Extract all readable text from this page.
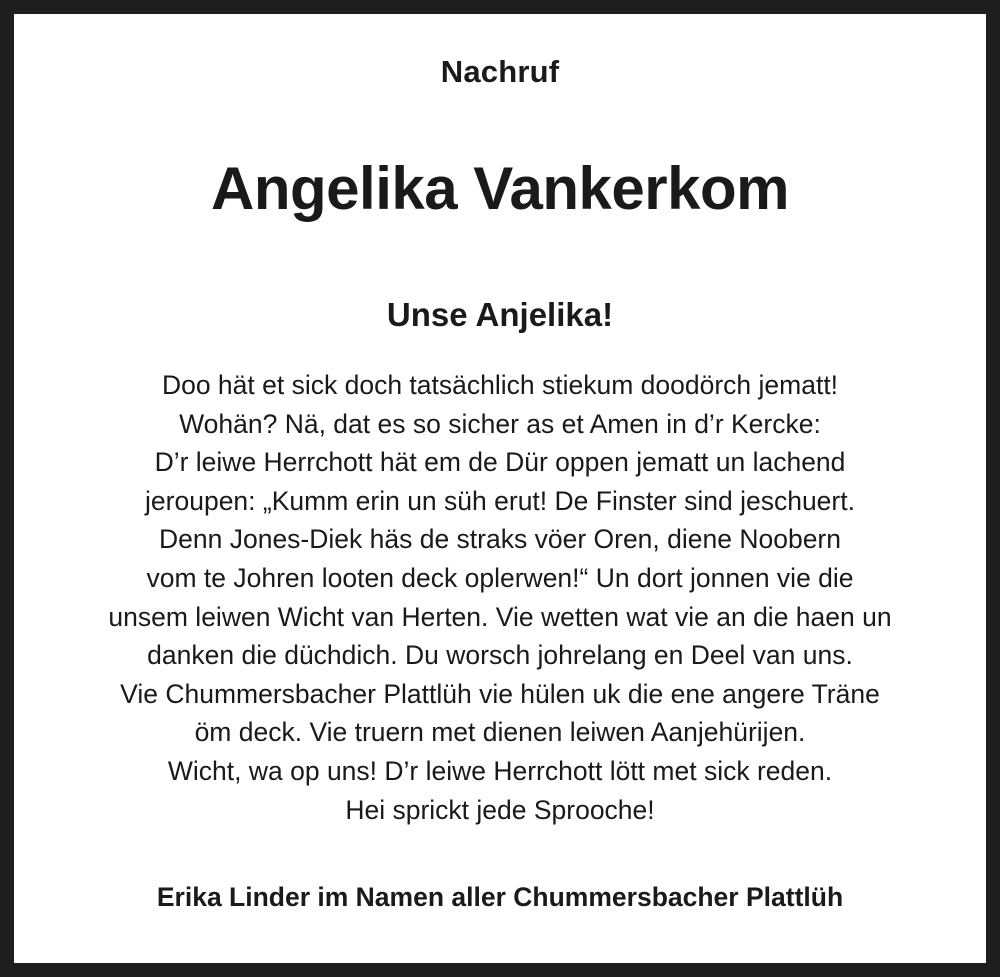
Nachruf
Angelika Vankerkom
Unse Anjelika!
Doo hät et sick doch tatsächlich stiekum doodörch jematt!
Wohän? Nä, dat es so sicher as et Amen in d’r Kercke:
D’r leiwe Herrchott hät em de Dür oppen jematt un lachend
jeroupen: „Kumm erin un süh erut! De Finster sind jeschuert.
Denn Jones-Diek häs de straks vöer Oren, diene Noobern
vom te Johren looten deck oplerwen!“ Un dort jonnen vie die
unsem leiwen Wicht van Herten. Vie wetten wat vie an die haen un
danken die düchdich. Du worsch johrelang en Deel van uns.
Vie Chummersbacher Plattlüh vie hülen uk die ene angere Träne
öm deck. Vie truern met dienen leiwen Aanjehürijen.
Wicht, wa op uns! D’r leiwe Herrchott lött met sick reden.
Hei sprickt jede Sprooche!
Erika Linder im Namen aller Chummersbacher Plattlüh
